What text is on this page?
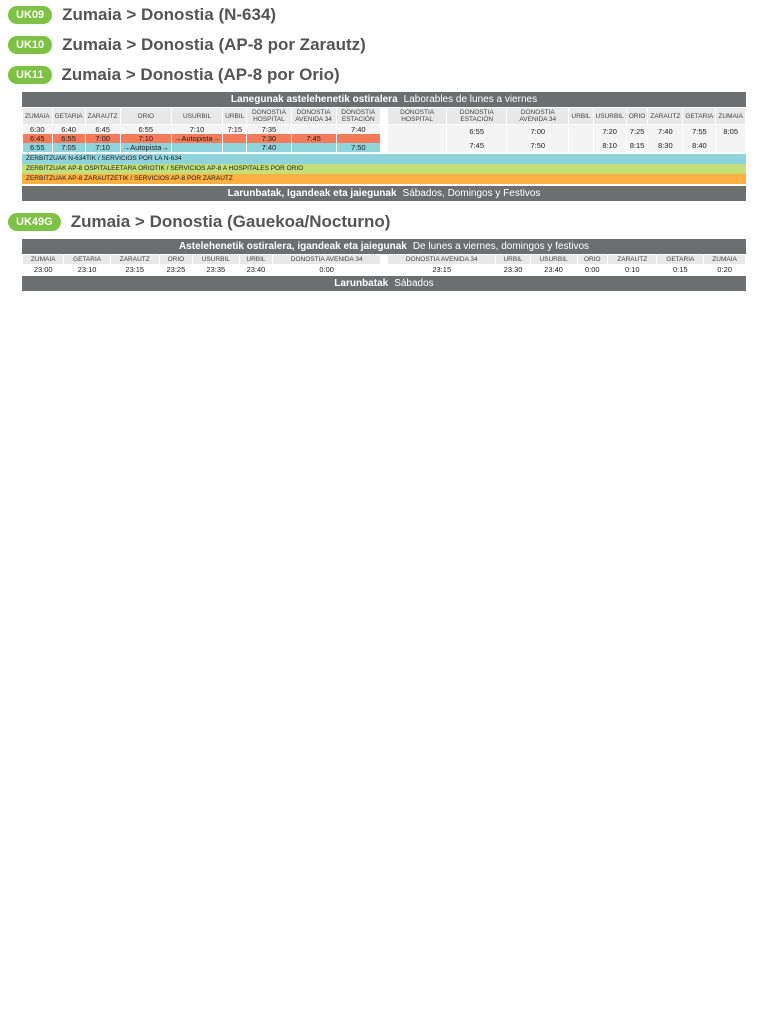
UK09	Zumaia > Donostia (N-634)
UK10	Zumaia > Donostia (AP-8 por Zarautz)
UK11	Zumaia > Donostia (AP-8 por Orio)
Lanegunak astelehenetik ostiralera Laborables de lunes a viernes
ZUMAIA	GETARIA	ZARAUTZ	ORIO	USURBIL	URBIL	DONOSTIA HOSPITAL	DONOSTIA AVENIDA 34	DONOSTIA ESTACIÓN
6:30	6:40	6:45	6:55	7:10	7:15	7:35		7:40
6:45	6:55	7:00	7:10	→Autopista→		7:30	7:45	
6:55	7:05	7:10	→Autopista→			7:40		7:50
DONOSTIA HOSPITAL	DONOSTIA ESTACIÓN	DONOSTIA AVENIDA 34	URBIL	USURBIL	ORIO	ZARAUTZ	GETARIA	ZUMAIA
	6:55	7:00		7:20	7:25	7:40	7:55	8:05
	7:45	7:50		8:10	8:15	8:30	8:40	
ZERBITZUAK N-634TIK / SERVICIOS POR LA N-634
ZERBITZUAK AP-8 OSPITALEETARA ORIOTIK / SERVICIOS AP-8 A HOSPITALES POR ORIO
ZERBITZUAK AP-8 ZARAUTZETIK / SERVICIOS AP-8 POR ZARAUTZ
Larunbatak, Igandeak eta jaiegunak Sábados, Domingos y Festivos
UK49G	Zumaia > Donostia (Gauekoa/Nocturno)
Astelehenetik ostiralera, igandeak eta jaiegunak De lunes a viernes, domingos y festivos
ZUMAIA	GETARIA	ZARAUTZ	ORIO	USURBIL	URBIL	DONOSTIA AVENIDA 34
23:00	23:10	23:15	23:25	23:35	23:40	0:00
DONOSTIA AVENIDA 34	URBIL	USURBIL	ORIO	ZARAUTZ	GETARIA	ZUMAIA
23:15	23:30	23:40	0:00	0:10	0:15	0:20
Larunbatak Sábados
